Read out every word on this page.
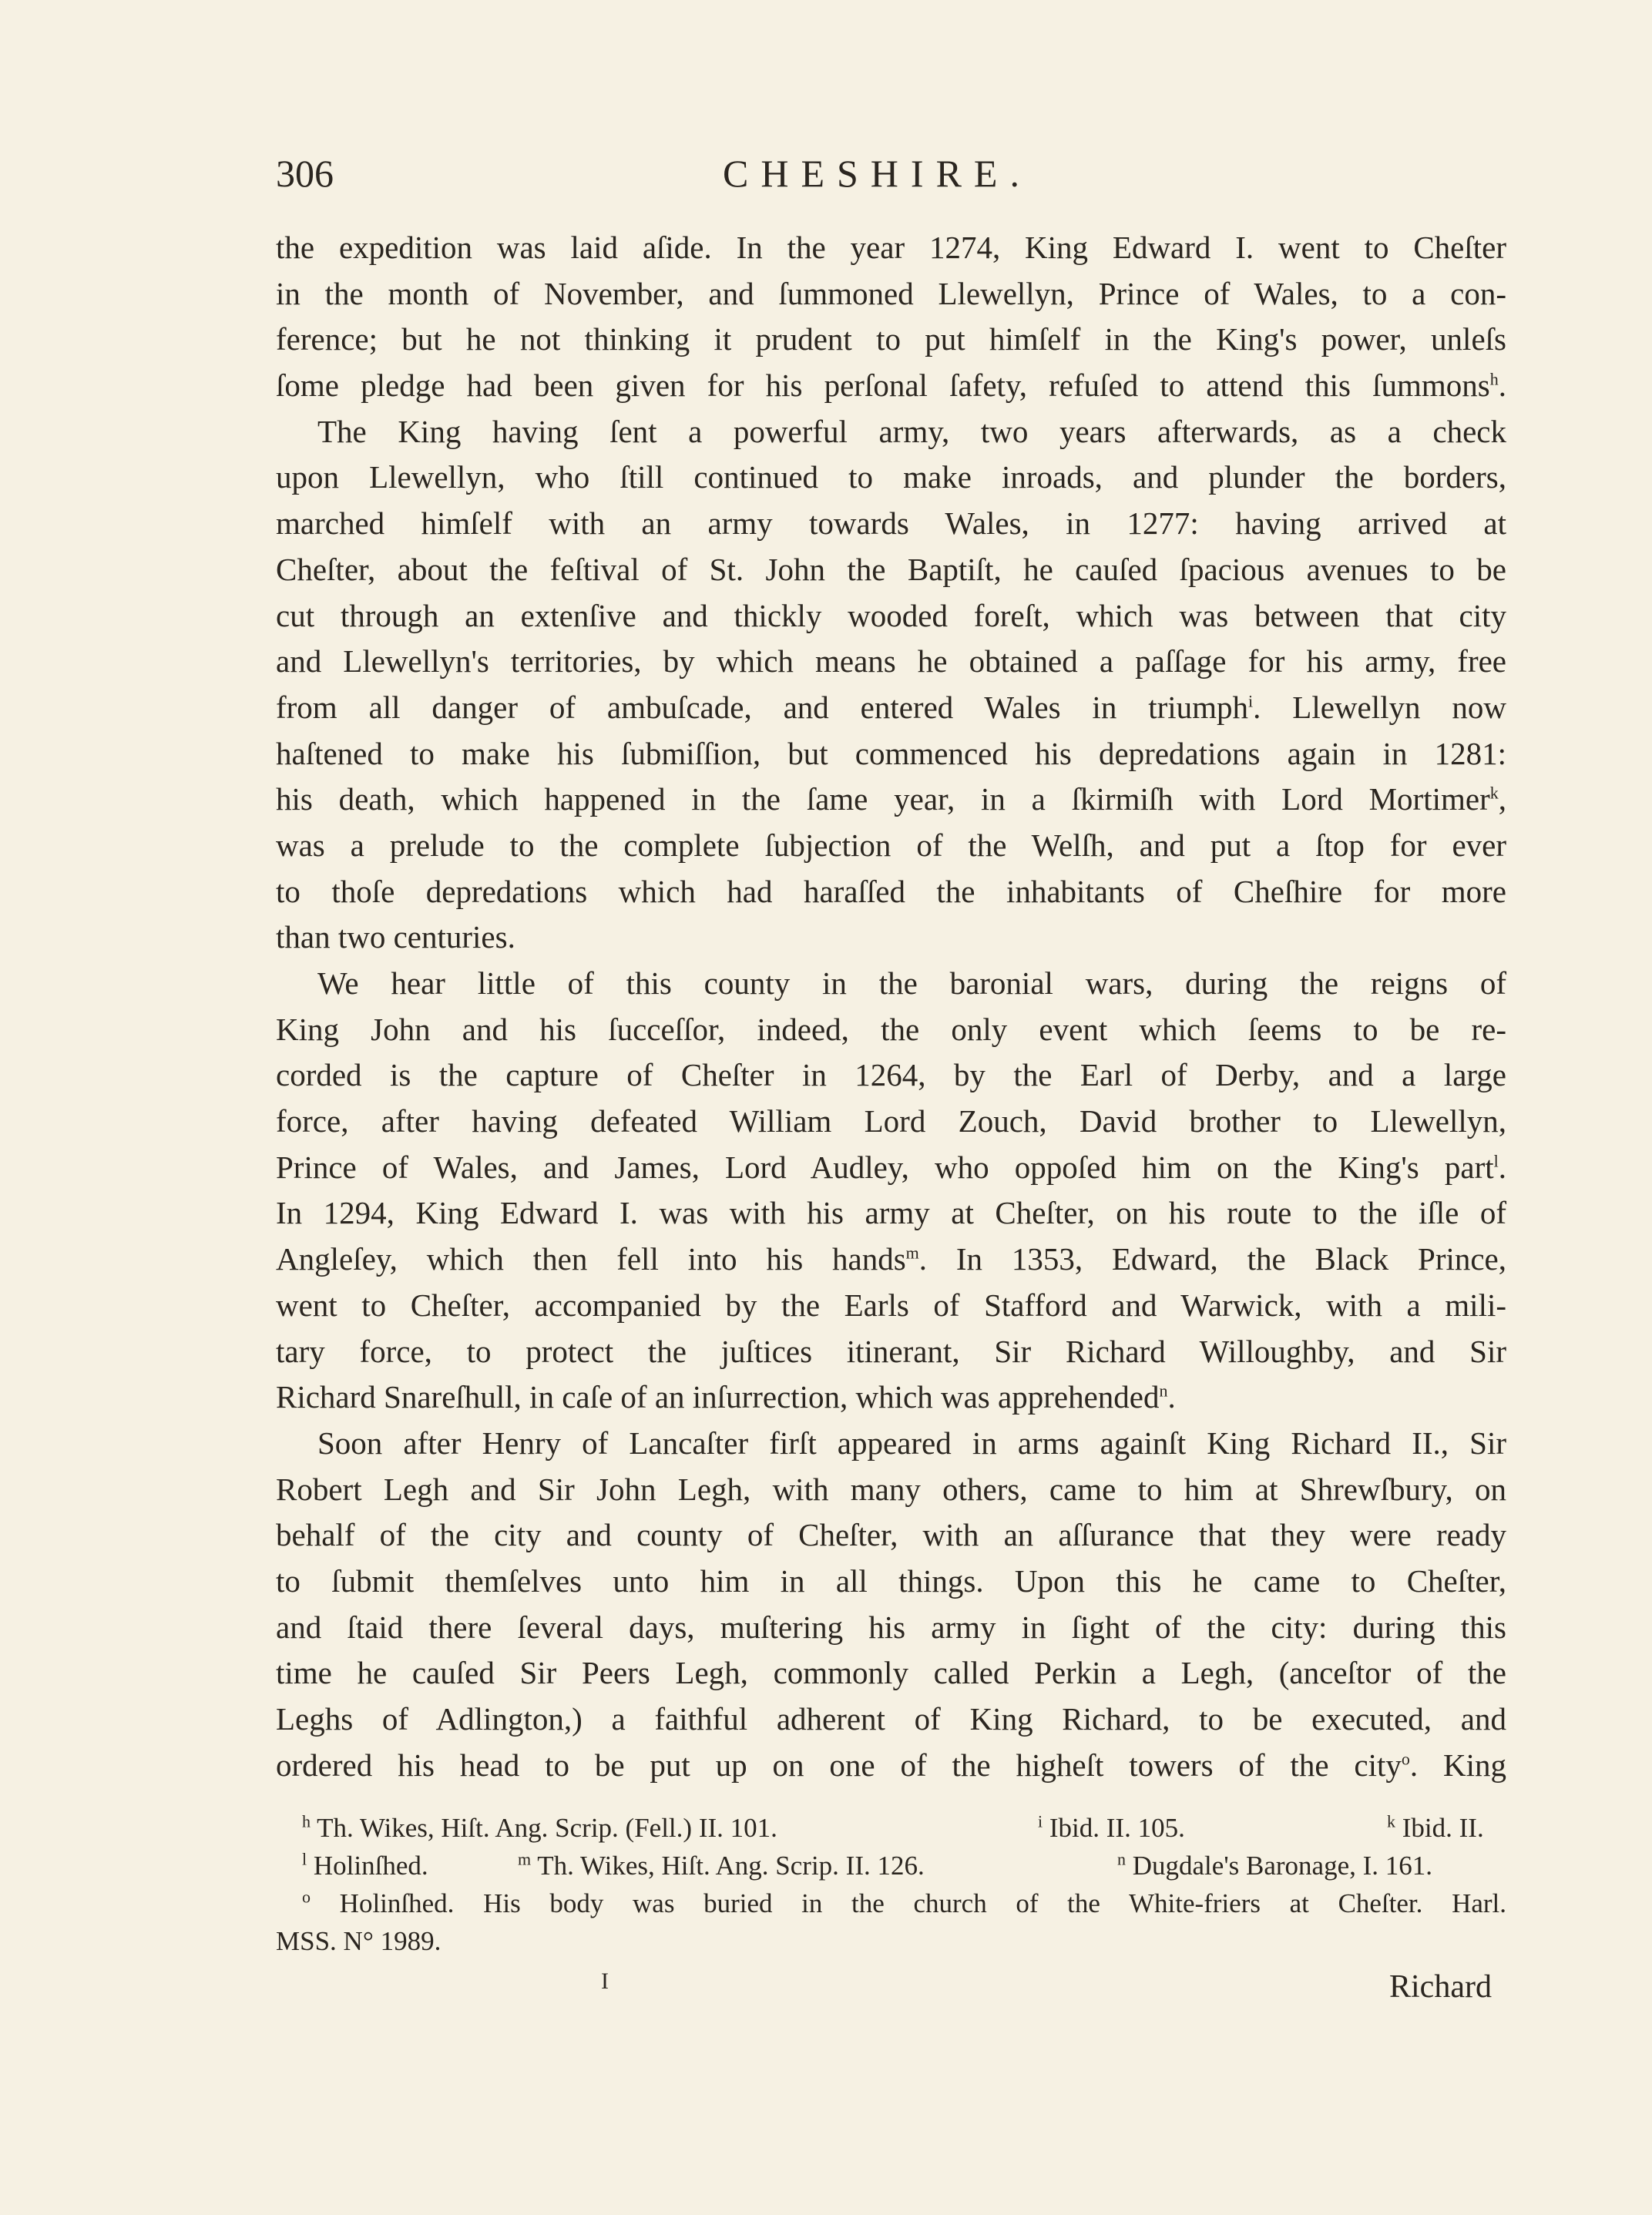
306	CHESHIRE.
the expedition was laid aſide. In the year 1274, King Edward I. went to Cheſter
in the month of November, and ſummoned Llewellyn, Prince of Wales, to a con-
ference; but he not thinking it prudent to put himſelf in the King's power, unleſs
ſome pledge had been given for his perſonal ſafety, refuſed to attend this ſummons$^h$.
The King having ſent a powerful army, two years afterwards, as a check
upon Llewellyn, who ſtill continued to make inroads, and plunder the borders,
marched himſelf with an army towards Wales, in 1277: having arrived at
Cheſter, about the feſtival of St. John the Baptiſt, he cauſed ſpacious avenues to be
cut through an extenſive and thickly wooded foreſt, which was between that city
and Llewellyn's territories, by which means he obtained a paſſage for his army, free
from all danger of ambuſcade, and entered Wales in triumph$^i$. Llewellyn now
haſtened to make his ſubmiſſion, but commenced his depredations again in 1281:
his death, which happened in the ſame year, in a ſkirmiſh with Lord Mortimer$^k$,
was a prelude to the complete ſubjection of the Welſh, and put a ſtop for ever
to thoſe depredations which had haraſſed the inhabitants of Cheſhire for more
than two centuries.
We hear little of this county in the baronial wars, during the reigns of
King John and his ſucceſſor, indeed, the only event which ſeems to be re-
corded is the capture of Cheſter in 1264, by the Earl of Derby, and a large
force, after having defeated William Lord Zouch, David brother to Llewellyn,
Prince of Wales, and James, Lord Audley, who oppoſed him on the King's part$^l$.
In 1294, King Edward I. was with his army at Cheſter, on his route to the iſle of
Angleſey, which then fell into his hands$^m$. In 1353, Edward, the Black Prince,
went to Cheſter, accompanied by the Earls of Stafford and Warwick, with a mili-
tary force, to protect the juſtices itinerant, Sir Richard Willoughby, and Sir
Richard Snareſhull, in caſe of an inſurrection, which was apprehended$^n$.
Soon after Henry of Lancaſter firſt appeared in arms againſt King Richard II., Sir
Robert Legh and Sir John Legh, with many others, came to him at Shrewſbury, on
behalf of the city and county of Cheſter, with an aſſurance that they were ready
to ſubmit themſelves unto him in all things. Upon this he came to Cheſter,
and ſtaid there ſeveral days, muſtering his army in ſight of the city: during this
time he cauſed Sir Peers Legh, commonly called Perkin a Legh, (anceſtor of the
Leghs of Adlington,) a faithful adherent of King Richard, to be executed, and
ordered his head to be put up on one of the higheſt towers of the city$^o$. King
$^h$ Th. Wikes, Hiſt. Ang. Scrip. (Fell.) II. 101.	$^i$ Ibid. II. 105.	$^k$ Ibid. II.
$^l$ Holinſhed.	$^m$ Th. Wikes, Hiſt. Ang. Scrip. II. 126.	$^n$ Dugdale's Baronage, I. 161.
$^o$ Holinſhed. His body was buried in the church of the White-friers at Cheſter. Harl.
MSS. N° 1989.
I	Richard
